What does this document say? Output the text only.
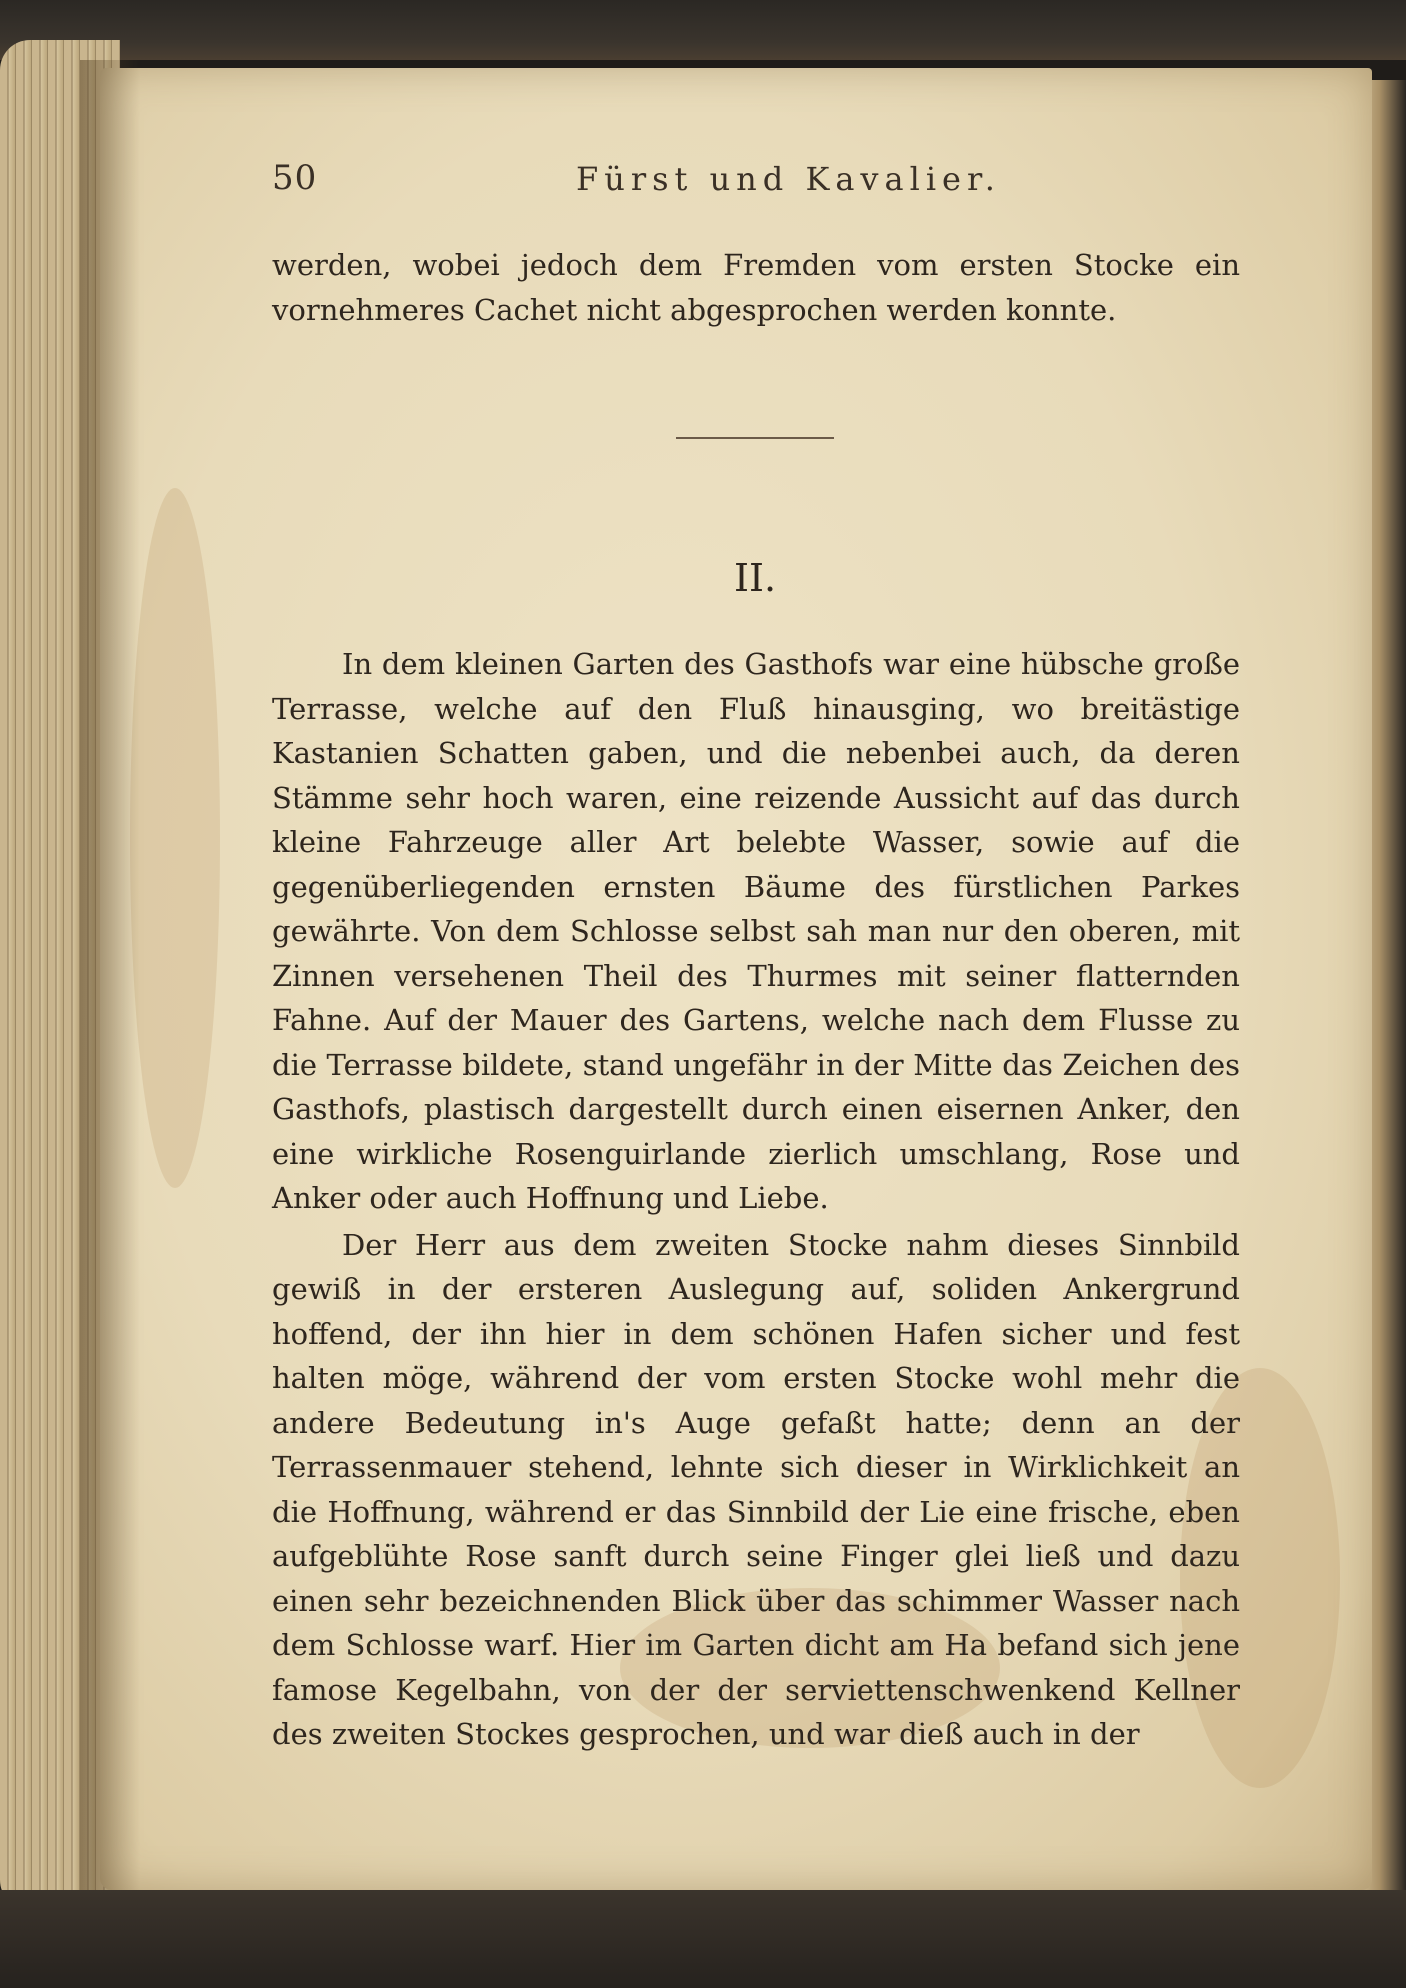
50	Fürst und Kavalier.

werden, wobei jedoch dem Fremden vom ersten Stocke ein vornehmeres Cachet nicht abgesprochen werden konnte.

II.

In dem kleinen Garten des Gasthofs war eine hübsche große Terrasse, welche auf den Fluß hinausging, wo breitästige Kastanien Schatten gaben, und die nebenbei auch, da deren Stämme sehr hoch waren, eine reizende Aussicht auf das durch kleine Fahrzeuge aller Art belebte Wasser, sowie auf die gegenüberliegenden ernsten Bäume des fürstlichen Parkes gewährte. Von dem Schlosse selbst sah man nur den oberen, mit Zinnen versehenen Theil des Thurmes mit seiner flatternden Fahne. Auf der Mauer des Gartens, welche nach dem Flusse zu die Terrasse bildete, stand ungefähr in der Mitte das Zeichen des Gasthofs, plastisch dargestellt durch einen eisernen Anker, den eine wirkliche Rosenguirlande zierlich umschlang, Rose und Anker oder auch Hoffnung und Liebe.

Der Herr aus dem zweiten Stocke nahm dieses Sinnbild gewiß in der ersteren Auslegung auf, soliden Ankergrund hoffend, der ihn hier in dem schönen Hafen sicher und fest halten möge, während der vom ersten Stocke wohl mehr die andere Bedeutung in's Auge gefaßt hatte; denn an der Terrassenmauer stehend, lehnte sich dieser in Wirklichkeit an die Hoffnung, während er das Sinnbild der Lie eine frische, eben aufgeblühte Rose sanft durch seine Finger glei ließ und dazu einen sehr bezeichnenden Blick über das schimmer Wasser nach dem Schlosse warf. Hier im Garten dicht am Ha befand sich jene famose Kegelbahn, von der der serviettenschwenkend Kellner des zweiten Stockes gesprochen, und war dieß auch in der
